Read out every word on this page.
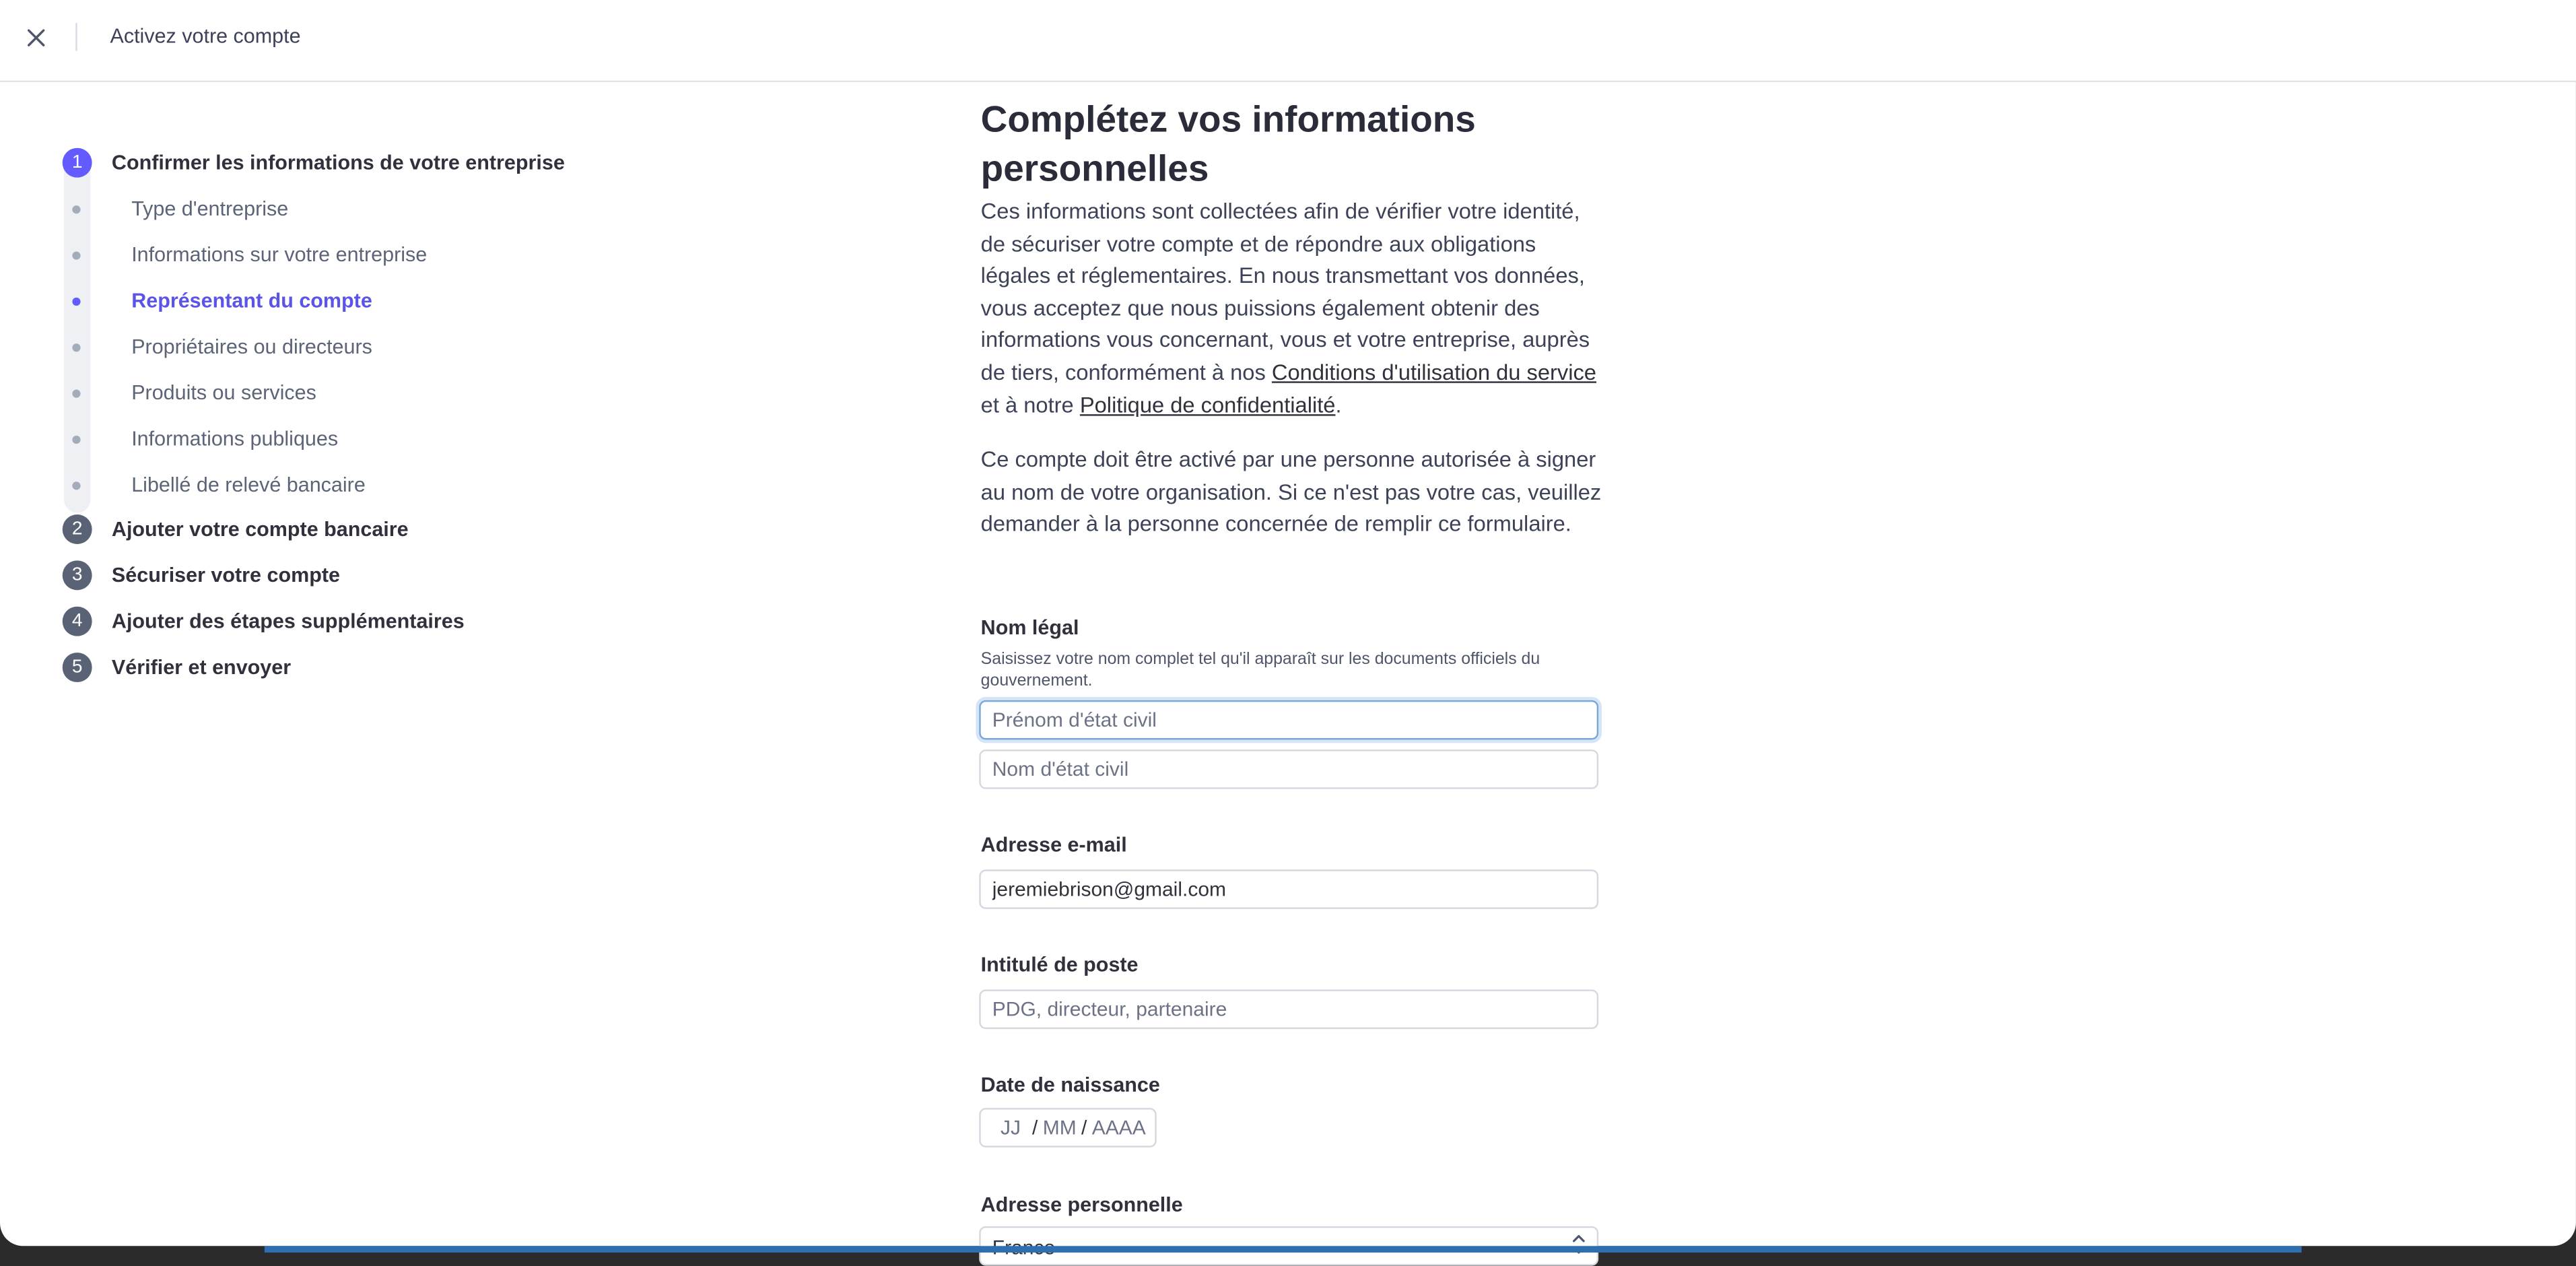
Activez votre compte
1	Confirmer les informations de votre entreprise
Type d'entreprise
Informations sur votre entreprise
Représentant du compte
Propriétaires ou directeurs
Produits ou services
Informations publiques
Libellé de relevé bancaire
2	Ajouter votre compte bancaire
3	Sécuriser votre compte
4	Ajouter des étapes supplémentaires
5	Vérifier et envoyer
Complétez vos informations personnelles

Ces informations sont collectées afin de vérifier votre identité, de sécuriser votre compte et de répondre aux obligations légales et réglementaires. En nous transmettant vos données, vous acceptez que nous puissions également obtenir des informations vous concernant, vous et votre entreprise, auprès de tiers, conformément à nos Conditions d'utilisation du service et à notre Politique de confidentialité.

Ce compte doit être activé par une personne autorisée à signer au nom de votre organisation. Si ce n'est pas votre cas, veuillez demander à la personne concernée de remplir ce formulaire.

Nom légal
Saisissez votre nom complet tel qu'il apparaît sur les documents officiels du gouvernement.
Prénom d'état civil
Nom d'état civil
Adresse e-mail
jeremiebrison@gmail.com
Intitulé de poste
PDG, directeur, partenaire
Date de naissance
JJ / MM / AAAA
Adresse personnelle
